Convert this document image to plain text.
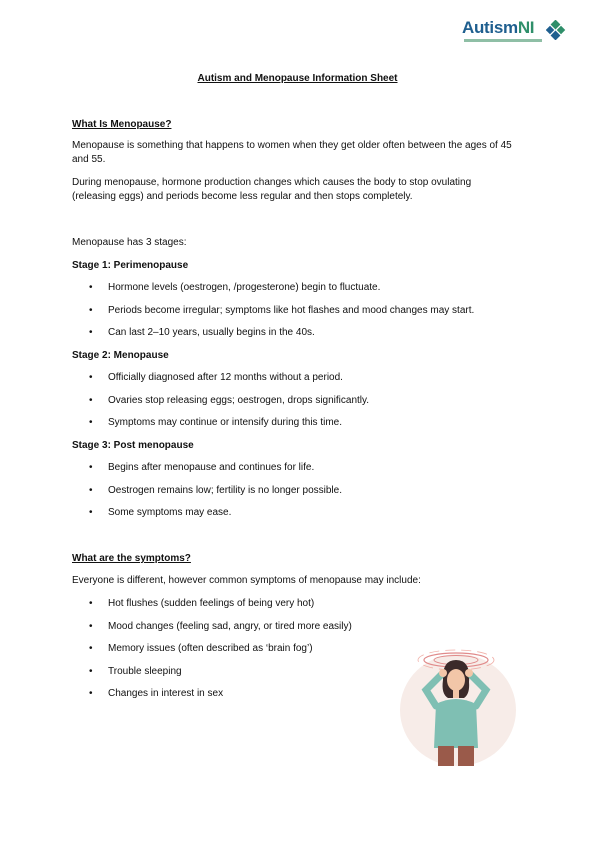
AutismNI
Autism and Menopause Information Sheet

What Is Menopause?

Menopause is something that happens to women when they get older often between the ages of 45 and 55.

During menopause, hormone production changes which causes the body to stop ovulating (releasing eggs) and periods become less regular and then stops completely.

Menopause has 3 stages:

Stage 1: Perimenopause

• Hormone levels (oestrogen, /progesterone) begin to fluctuate.
• Periods become irregular; symptoms like hot flashes and mood changes may start.
• Can last 2–10 years, usually begins in the 40s.

Stage 2: Menopause

• Officially diagnosed after 12 months without a period.
• Ovaries stop releasing eggs; oestrogen, drops significantly.
• Symptoms may continue or intensify during this time.

Stage 3: Post menopause

• Begins after menopause and continues for life.
• Oestrogen remains low; fertility is no longer possible.
• Some symptoms may ease.

What are the symptoms?

Everyone is different, however common symptoms of menopause may include:

• Hot flushes (sudden feelings of being very hot)
• Mood changes (feeling sad, angry, or tired more easily)
• Memory issues (often described as ‘brain fog’)
• Trouble sleeping
• Changes in interest in sex
